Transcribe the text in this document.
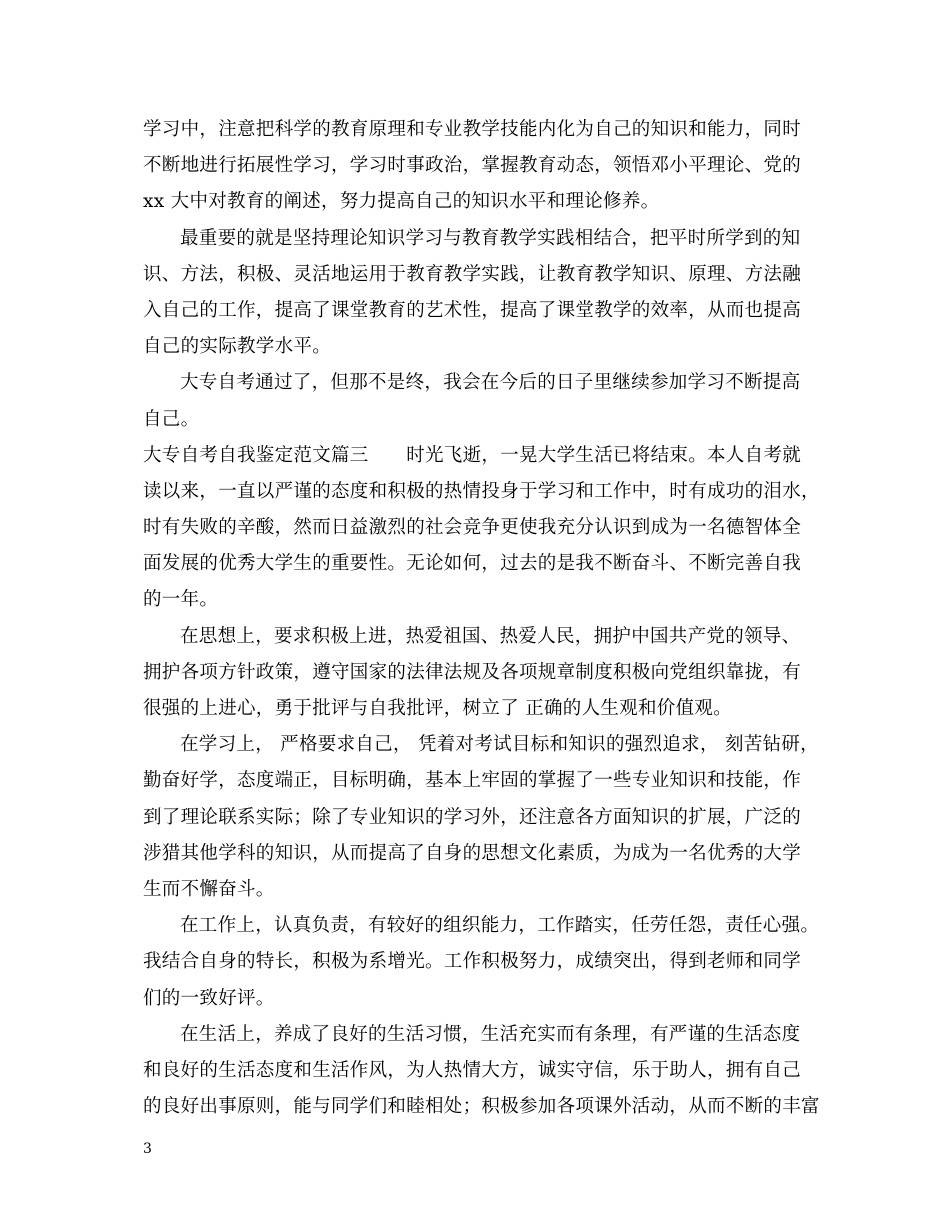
学习中，注意把科学的教育原理和专业教学技能内化为自己的知识和能力，同时
不断地进行拓展性学习，学习时事政治，掌握教育动态，领悟邓小平理论、党的
xx 大中对教育的阐述，努力提高自己的知识水平和理论修养。
最重要的就是坚持理论知识学习与教育教学实践相结合，把平时所学到的知
识、方法，积极、灵活地运用于教育教学实践，让教育教学知识、原理、方法融
入自己的工作，提高了课堂教育的艺术性，提高了课堂教学的效率，从而也提高
自己的实际教学水平。
大专自考通过了，但那不是终，我会在今后的日子里继续参加学习不断提高
自己。
大专自考自我鉴定范文篇三　　时光飞逝，一晃大学生活已将结束。本人自考就
读以来，一直以严谨的态度和积极的热情投身于学习和工作中，时有成功的泪水，
时有失败的辛酸，然而日益激烈的社会竞争更使我充分认识到成为一名德智体全
面发展的优秀大学生的重要性。无论如何，过去的是我不断奋斗、不断完善自我
的一年。
在思想上，要求积极上进，热爱祖国、热爱人民，拥护中国共产党的领导、
拥护各项方针政策，遵守国家的法律法规及各项规章制度积极向党组织靠拢，有
很强的上进心，勇于批评与自我批评，树立了 正确的人生观和价值观。
在学习上， 严格要求自己， 凭着对考试目标和知识的强烈追求， 刻苦钻研，
勤奋好学，态度端正，目标明确，基本上牢固的掌握了一些专业知识和技能，作
到了理论联系实际；除了专业知识的学习外，还注意各方面知识的扩展，广泛的
涉猎其他学科的知识，从而提高了自身的思想文化素质，为成为一名优秀的大学
生而不懈奋斗。
在工作上，认真负责，有较好的组织能力，工作踏实，任劳任怨，责任心强。
我结合自身的特长，积极为系增光。工作积极努力，成绩突出，得到老师和同学
们的一致好评。
在生活上，养成了良好的生活习惯，生活充实而有条理，有严谨的生活态度
和良好的生活态度和生活作风，为人热情大方，诚实守信，乐于助人，拥有自己
的良好出事原则，能与同学们和睦相处；积极参加各项课外活动，从而不断的丰富
3
